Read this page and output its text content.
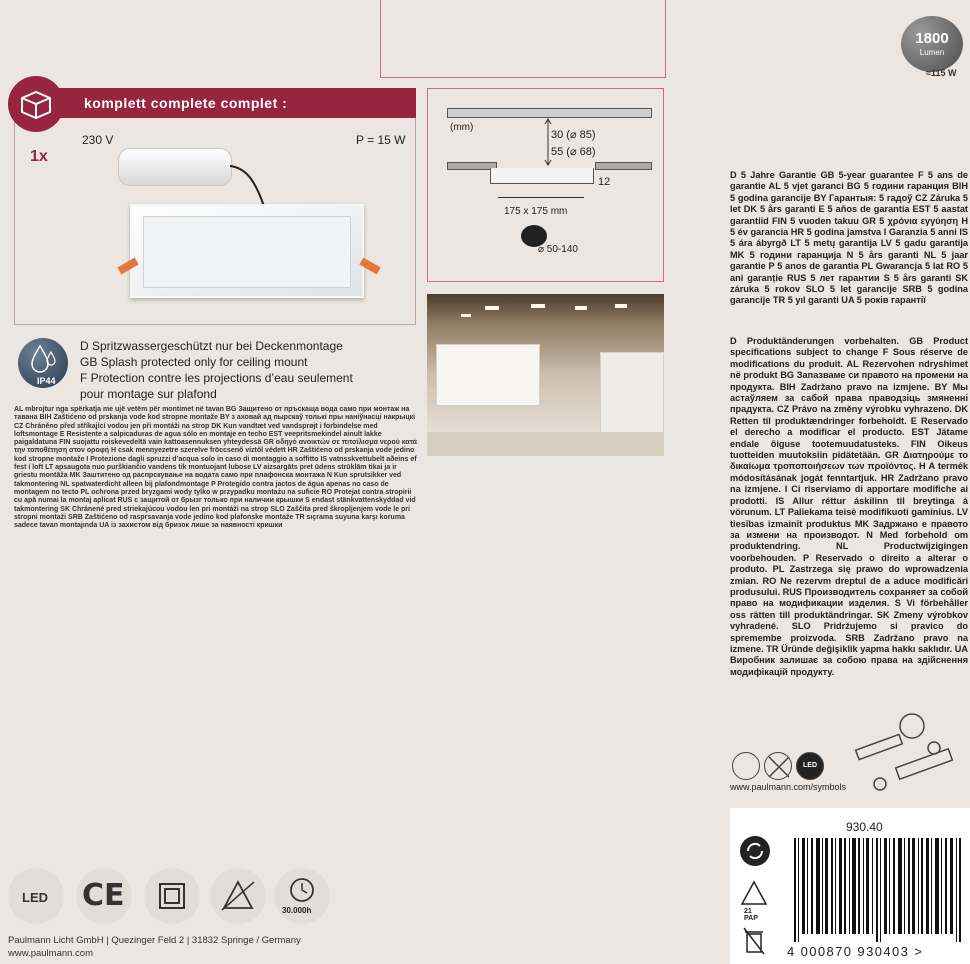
1800
Lumen
≈115 W
komplett complete complet :
1x
230 V	P = 15 W
(mm)
30 (⌀ 85)
55 (⌀ 68)
12
175 x 175 mm
⌀ 50-140
IP44
D Spritzwassergeschützt nur bei Deckenmontage
GB Splash protected only for ceiling mount
F Protection contre les projections d’eau seulement
pour montage sur plafond
AL mbrojtur nga spërkatja me ujë vetëm për montimet në tavan BG Защитено от пръскаща вода само при монтаж на тавана BIH Zaštićeno od prskanja vode kod stropne montaže BY з аховай ад пырскаў толькі пры наніўнасці накрыцкі CZ Chráněno před stříkající vodou jen při montáži na strop DK Kun vandtæt ved vandsprøjt i forbindelse med loftsmontage E Resistente a salpicaduras de agua sólo en montaje en techo EST veepritsmekindel ainult lakke paigaldatuna FIN suojattu roiskevedeltä vain kattoasennuksen yhteydessä GR οδηγό ανοικτών σε πιτσίλισμα νερού κατά την τοποθέτηση στον οροφή H csak mennyezetre szerelve fröccsenő víztől védett HR Zaštićeno od prskanja vode jedino kod stropne montaže I Protezione dagli spruzzi d’acqua solo in caso di montaggio a soffitto IS vatnsskvettubelt aðeins ef fest í loft LT apsaugota nuo purškiančio vandens tik montuojant lubose LV aizsargāts pret ūdens strūklām tikai ja ir griestu montāža MK Заштитено од распрскување на водата само при плафонска монтажа N Kun sprutsikker ved takmontering NL spatwaterdicht alleen bij plafondmontage P Protegido contra jactos de água apenas no caso de montagem no tecto PL ochrona przed bryzgami wody tylko w przypadku montażu na suficie RO Protejat contra stropirii cu apă numai la montaj aplicat RUS с защитой от брызг только при наличии крышки S endast stänkvattenskyddad vid takmontering SK Chránené pred striekajúcou vodou len pri montáži na strop SLO Zaščita pred škropljenjem vode le pri stropni montaži SRB Zaštićeno od rasprsavanja vode jedino kod plafonske montaže TR sıçrama suyuna karşı koruma sadece tavan montajında UA із захистом від бризок лише за наявності кришки
D 5 Jahre Garantie GB 5-year guarantee F 5 ans de garantie AL 5 vjet garanci BG 5 години гаранция BIH 5 godina garancije BY Гарантыя: 5 гадоў CZ Záruka 5 let DK 5 års garanti E 5 años de garantía EST 5 aastat garantiid FIN 5 vuoden takuu GR 5 χρόνια εγγύηση H 5 év garancia HR 5 godina jamstva I Garanzia 5 anni IS 5 ára ábyrgð LT 5 metų garantija LV 5 gadu garantija MK 5 години гаранција N 5 års garanti NL 5 jaar garantie P 5 anos de garantia PL Gwarancja 5 lat RO 5 ani garanție RUS 5 лет гарантии S 5 års garanti SK záruka 5 rokov SLO 5 let garancije SRB 5 godina garancije TR 5 yıl garanti UA 5 років гарантії
D Produktänderungen vorbehalten. GB Product specifications subject to change F Sous réserve de modifications du produit. AL Rezervohen ndryshimet në produkt BG Запазваме си правото на промени на продукта. BIH Zadržano pravo na izmjene. BY Мы астаўляем за сабой права праводзіць змяненні прадукта. CZ Právo na změny výrobku vyhrazeno. DK Retten til produktændringer forbeholdt. E Reservado el derecho a modificar el producto. EST Jätame endale õiguse tootemuudatusteks. FIN Oikeus tuotteiden muutoksiin pidätetään. GR Διατηρούμε το δικαίωμα τροποποιήσεων των προϊόντος. H A termék módosításának jogát fenntartjuk. HR Zadržano pravo na izmjene. I Ci riserviamo di apportare modifiche ai prodotti. IS Allur réttur áskilinn til breytinga á vörunum. LT Paliekama teisė modifikuoti gaminius. LV tiesības izmainīt produktus MK Задржано е правото за измени на производот. N Med forbehold om produktendring. NL Productwijzigingen voorbehouden. P Reservado o direito a alterar o produto. PL Zastrzega się prawo do wprowadzenia zmian. RO Ne rezervm dreptul de a aduce modificări produsului. RUS Производитель сохраняет за собой право на модификации изделия. S Vi förbehåller oss rätten till produktändringar. SK Zmeny výrobkov vyhradené. SLO Pridržujemo si pravico do spremembe proizvoda. SRB Zadržano pravo na izmene. TR Üründe değişiklik yapma hakkı saklıdır. UA Виробник залишає за собою права на здійснення модифікацій продукту.
LED
www.paulmann.com/symbols
930.40
4 000870 930403 >
21
PAP
LED CE	30.000h
Paulmann Licht GmbH | Quezinger Feld 2 | 31832 Springe / Germany
www.paulmann.com
